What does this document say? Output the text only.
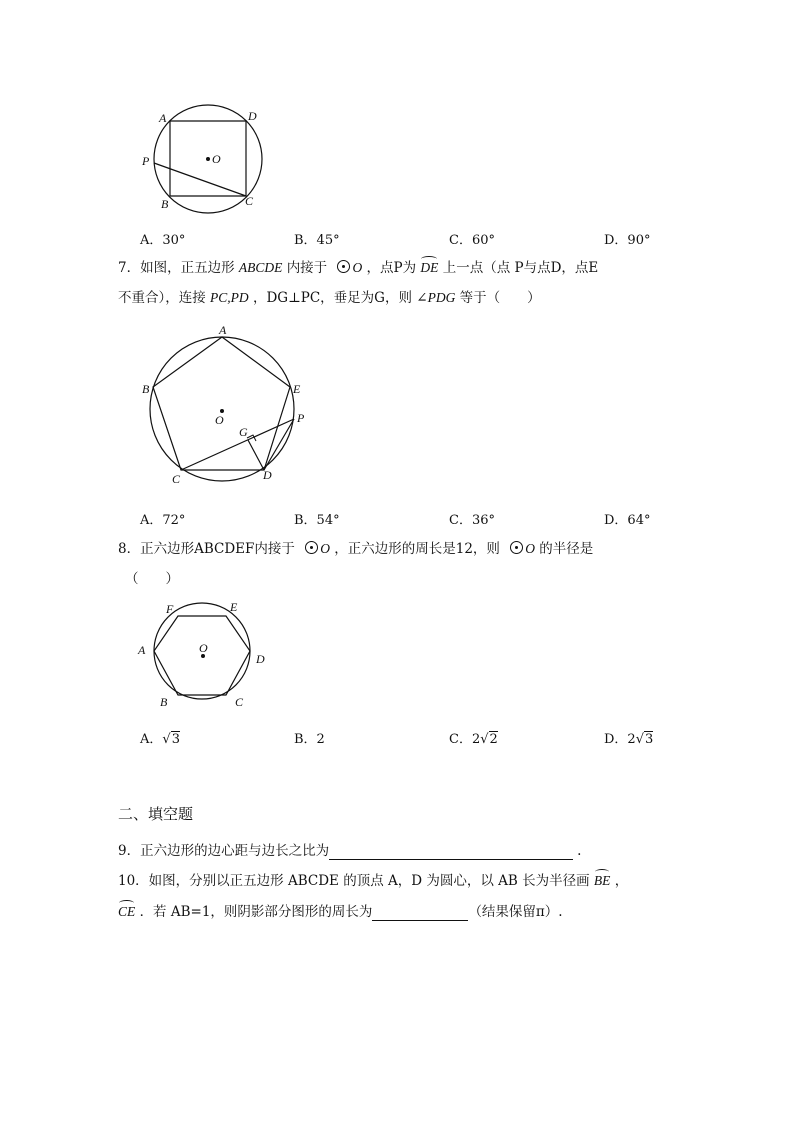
A	D
P	O
B	C
A．30°	B．45°	C．60°	D．90°
7．如图，正五边形 ABCDE 内接于 O ，点P为 DE 上一点（点 P与点D，点E
不重合），连接 PC,PD ，DG⊥PC，垂足为G，则 ∠PDG 等于（　　）
A
B	E
P
O
G
C	D
A．72°	B．54°	C．36°	D．64°
8．正六边形ABCDEF内接于 O ，正六边形的周长是12，则 O 的半径是
（　　）
F	E
A	O
D
B	C
A．√3	B．2	C．2√2	D．2√3
二、填空题
9．正六边形的边心距与边长之比为	.
10．如图，分别以正五边形 ABCDE 的顶点 A，D 为圆心，以 AB 长为半径画 BE ，
CE ．若 AB=1，则阴影部分图形的周长为	（结果保留π）.
